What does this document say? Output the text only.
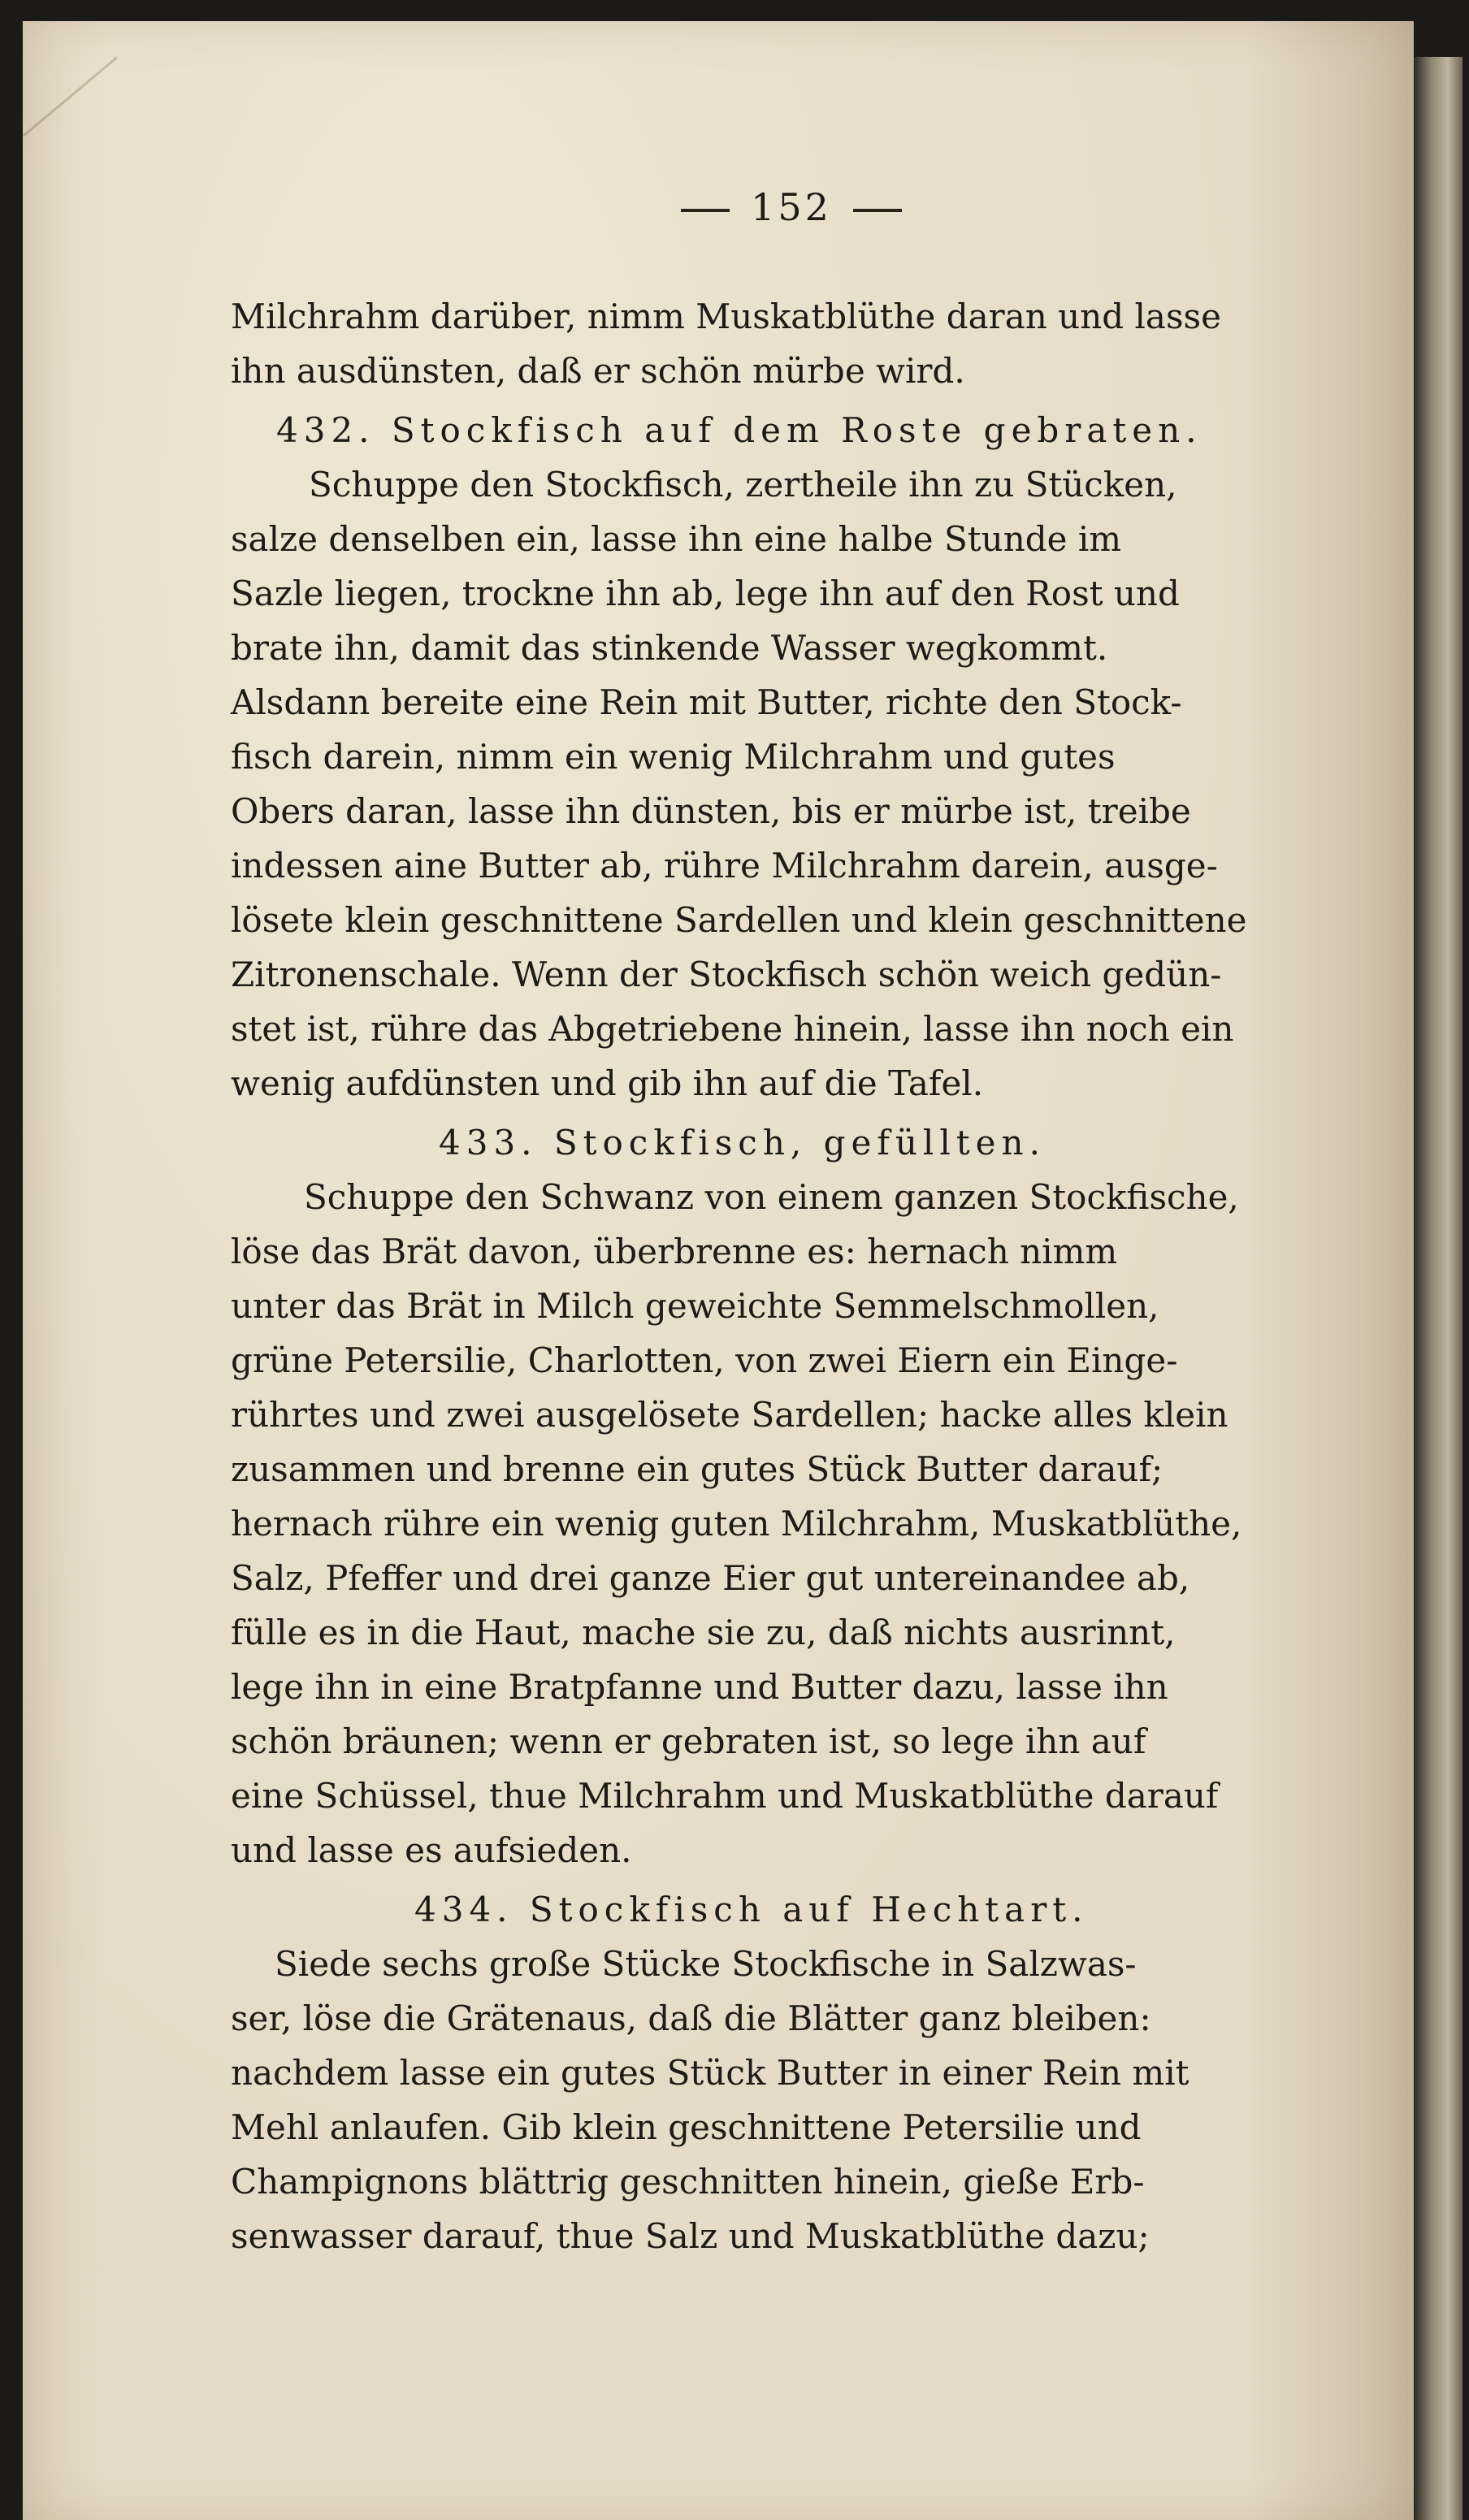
152
Milchrahm darüber, nimm Muskatblüthe daran und lasse
ihn ausdünsten, daß er schön mürbe wird.
432. Stockfisch auf dem Roste gebraten.
Schuppe den Stockfisch, zertheile ihn zu Stücken,
salze denselben ein, lasse ihn eine halbe Stunde im
Sazle liegen, trockne ihn ab, lege ihn auf den Rost und
brate ihn, damit das stinkende Wasser wegkommt.
Alsdann bereite eine Rein mit Butter, richte den Stock-
fisch darein, nimm ein wenig Milchrahm und gutes
Obers daran, lasse ihn dünsten, bis er mürbe ist, treibe
indessen aine Butter ab, rühre Milchrahm darein, ausge-
lösete klein geschnittene Sardellen und klein geschnittene
Zitronenschale. Wenn der Stockfisch schön weich gedün-
stet ist, rühre das Abgetriebene hinein, lasse ihn noch ein
wenig aufdünsten und gib ihn auf die Tafel.
433. Stockfisch, gefüllten.
Schuppe den Schwanz von einem ganzen Stockfische,
löse das Brät davon, überbrenne es: hernach nimm
unter das Brät in Milch geweichte Semmelschmollen,
grüne Petersilie, Charlotten, von zwei Eiern ein Einge-
rührtes und zwei ausgelösete Sardellen; hacke alles klein
zusammen und brenne ein gutes Stück Butter darauf;
hernach rühre ein wenig guten Milchrahm, Muskatblüthe,
Salz, Pfeffer und drei ganze Eier gut untereinandee ab,
fülle es in die Haut, mache sie zu, daß nichts ausrinnt,
lege ihn in eine Bratpfanne und Butter dazu, lasse ihn
schön bräunen; wenn er gebraten ist, so lege ihn auf
eine Schüssel, thue Milchrahm und Muskatblüthe darauf
und lasse es aufsieden.
434. Stockfisch auf Hechtart.
Siede sechs große Stücke Stockfische in Salzwas-
ser, löse die Grätenaus, daß die Blätter ganz bleiben:
nachdem lasse ein gutes Stück Butter in einer Rein mit
Mehl anlaufen. Gib klein geschnittene Petersilie und
Champignons blättrig geschnitten hinein, gieße Erb-
senwasser darauf, thue Salz und Muskatblüthe dazu;
